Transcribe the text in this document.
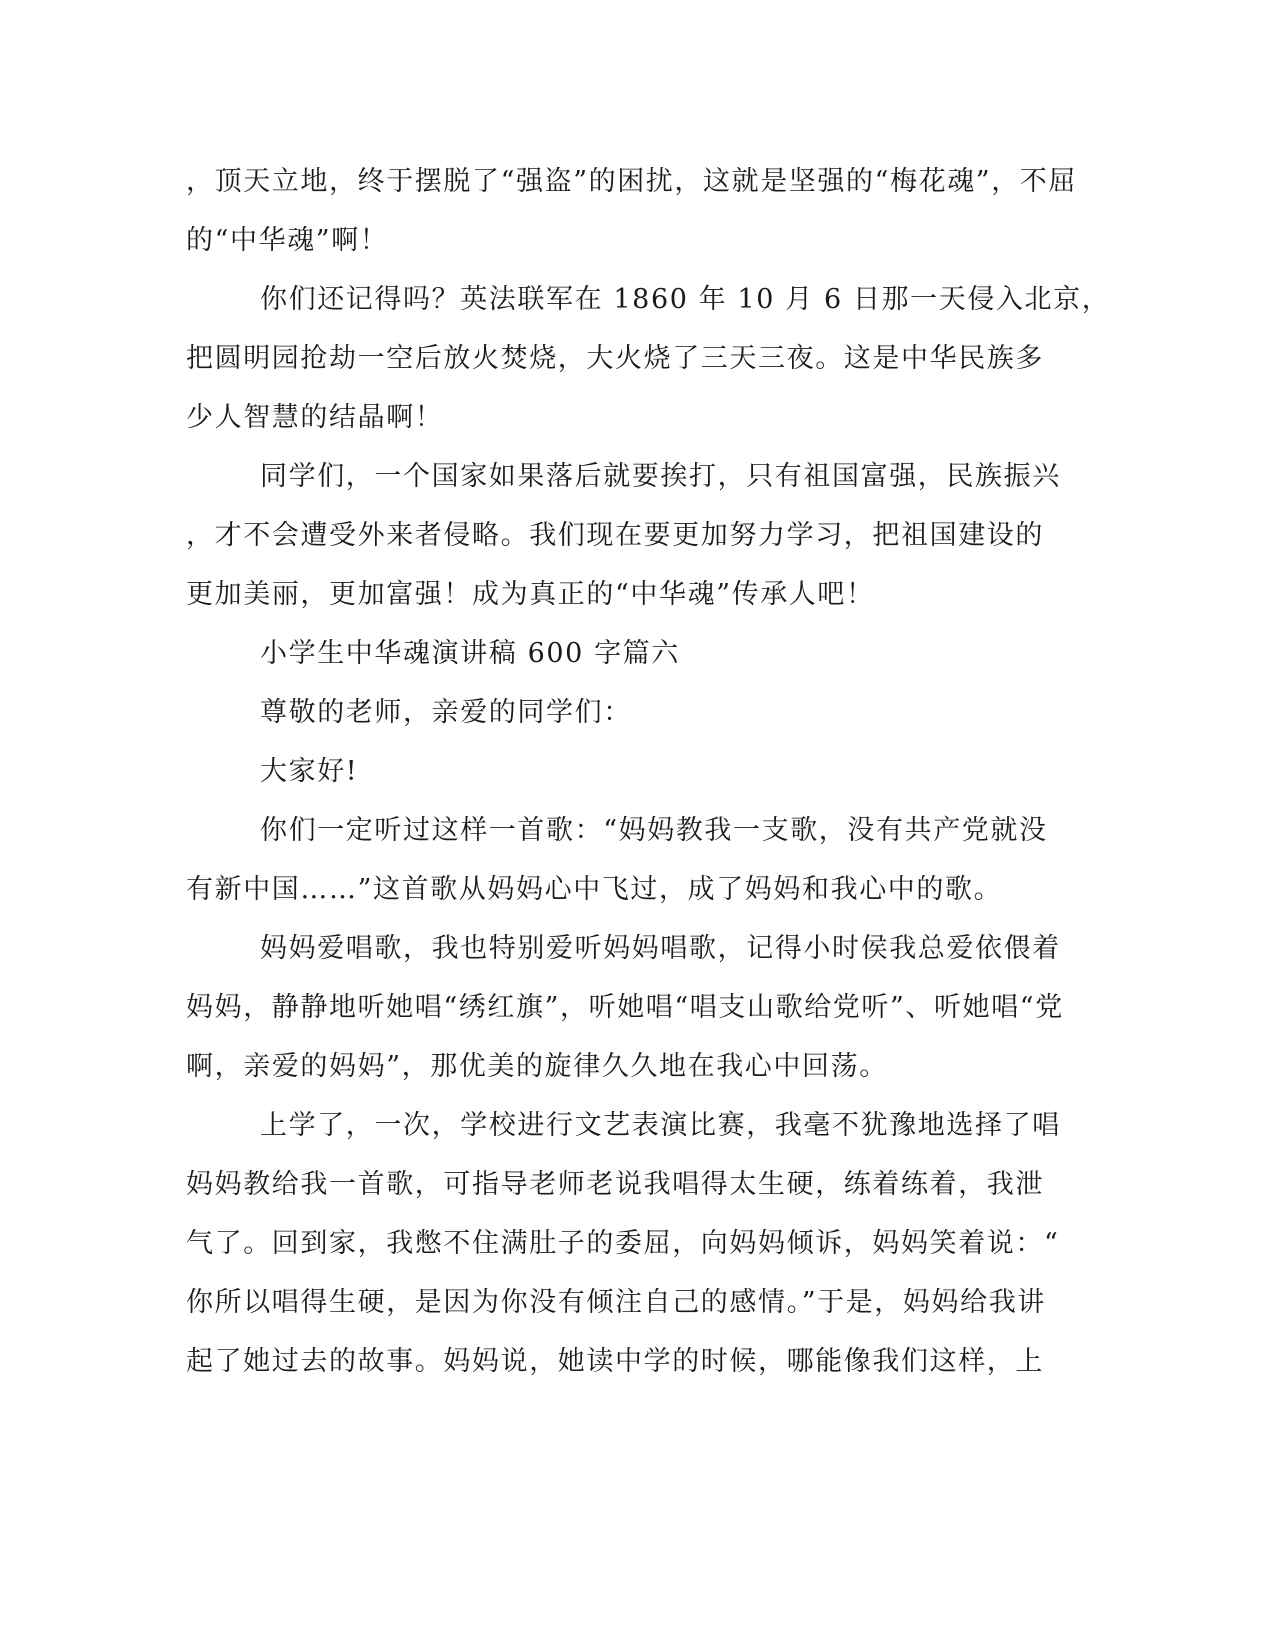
，顶天立地，终于摆脱了“强盗”的困扰，这就是坚强的“梅花魂”，不屈
的“中华魂”啊！
你们还记得吗？英法联军在 1860 年 10 月 6 日那一天侵入北京，
把圆明园抢劫一空后放火焚烧，大火烧了三天三夜。这是中华民族多
少人智慧的结晶啊！
同学们，一个国家如果落后就要挨打，只有祖国富强，民族振兴
，才不会遭受外来者侵略。我们现在要更加努力学习，把祖国建设的
更加美丽，更加富强！成为真正的“中华魂”传承人吧！
小学生中华魂演讲稿 600 字篇六
尊敬的老师，亲爱的同学们：
大家好!
你们一定听过这样一首歌：“妈妈教我一支歌，没有共产党就没
有新中国……”这首歌从妈妈心中飞过，成了妈妈和我心中的歌。
妈妈爱唱歌，我也特别爱听妈妈唱歌，记得小时侯我总爱依偎着
妈妈，静静地听她唱“绣红旗”，听她唱“唱支山歌给党听”、听她唱“党
啊，亲爱的妈妈”，那优美的旋律久久地在我心中回荡。
上学了，一次，学校进行文艺表演比赛，我毫不犹豫地选择了唱
妈妈教给我一首歌，可指导老师老说我唱得太生硬，练着练着，我泄
气了。回到家，我憋不住满肚子的委屈，向妈妈倾诉，妈妈笑着说：“
你所以唱得生硬，是因为你没有倾注自己的感情。”于是，妈妈给我讲
起了她过去的故事。妈妈说，她读中学的时候，哪能像我们这样，上
